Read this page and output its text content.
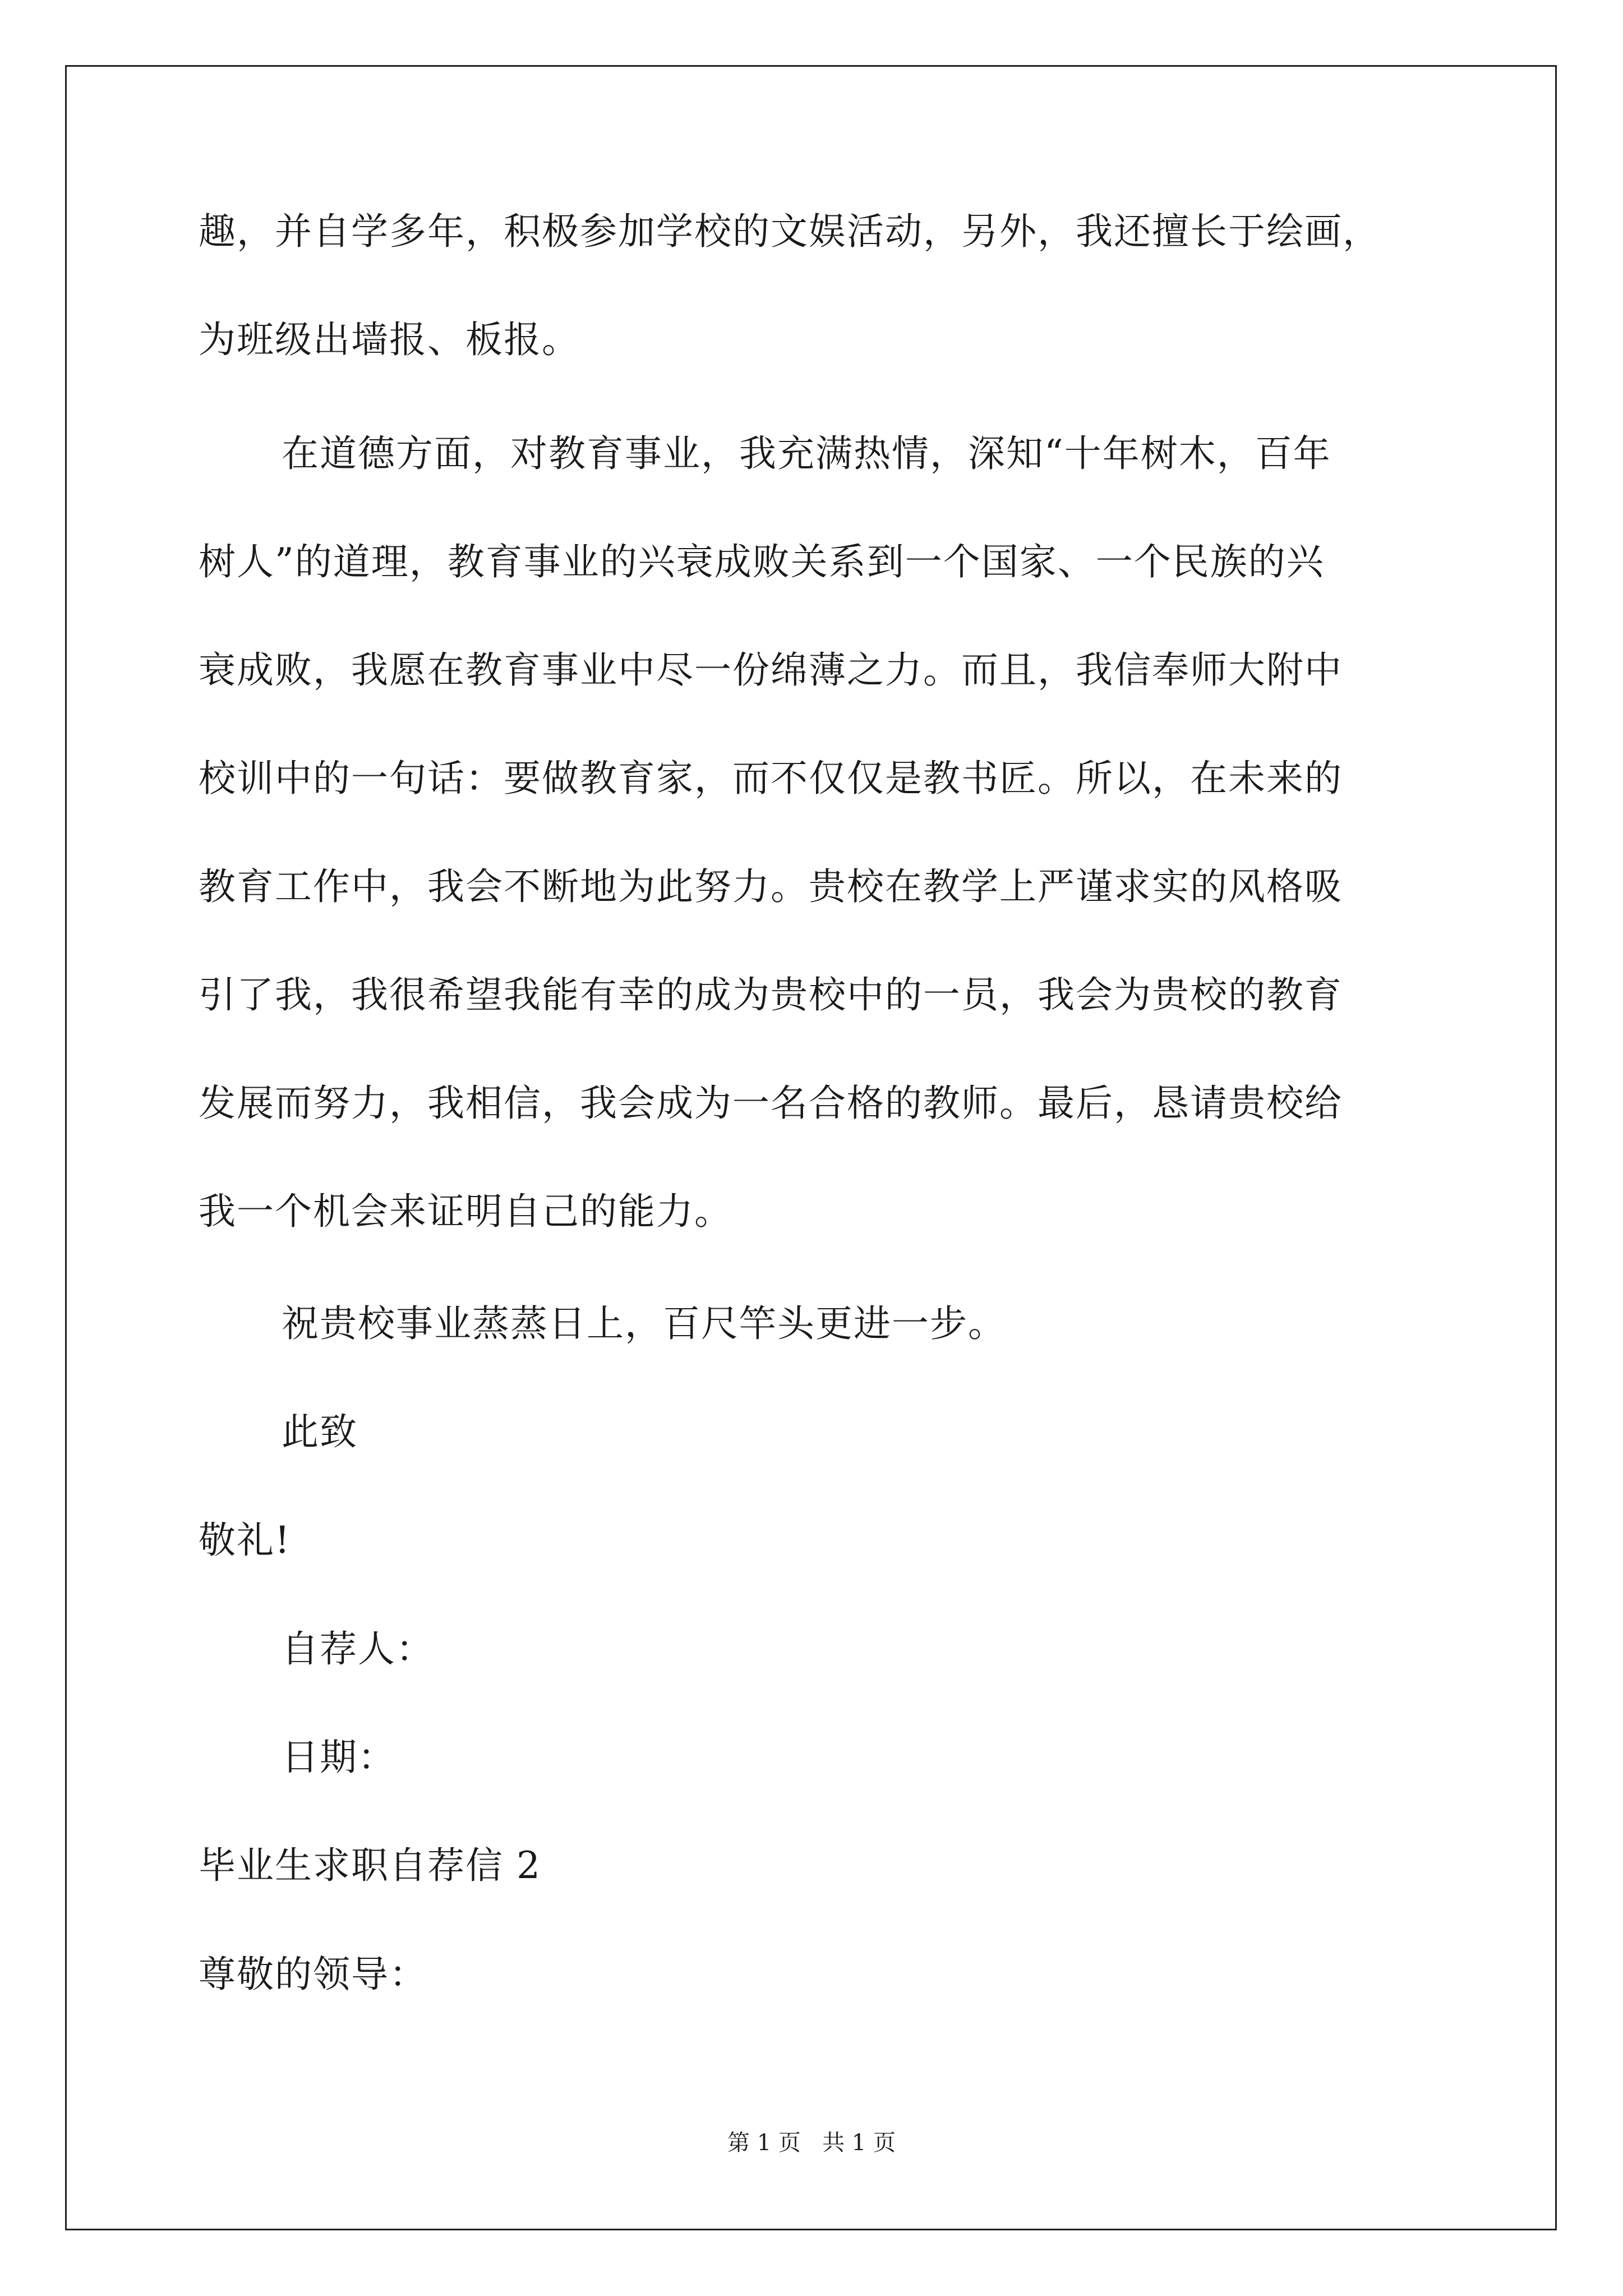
趣，并自学多年，积极参加学校的文娱活动，另外，我还擅长于绘画，
为班级出墙报、板报。
在道德方面，对教育事业，我充满热情，深知“十年树木，百年
树人”的道理，教育事业的兴衰成败关系到一个国家、一个民族的兴
衰成败，我愿在教育事业中尽一份绵薄之力。而且，我信奉师大附中
校训中的一句话：要做教育家，而不仅仅是教书匠。所以，在未来的
教育工作中，我会不断地为此努力。贵校在教学上严谨求实的风格吸
引了我，我很希望我能有幸的成为贵校中的一员，我会为贵校的教育
发展而努力，我相信，我会成为一名合格的教师。最后，恳请贵校给
我一个机会来证明自己的能力。
祝贵校事业蒸蒸日上，百尺竿头更进一步。
此致
敬礼!
自荐人：
日期：
毕业生求职自荐信 2
尊敬的领导：
第 1 页   共 1 页
